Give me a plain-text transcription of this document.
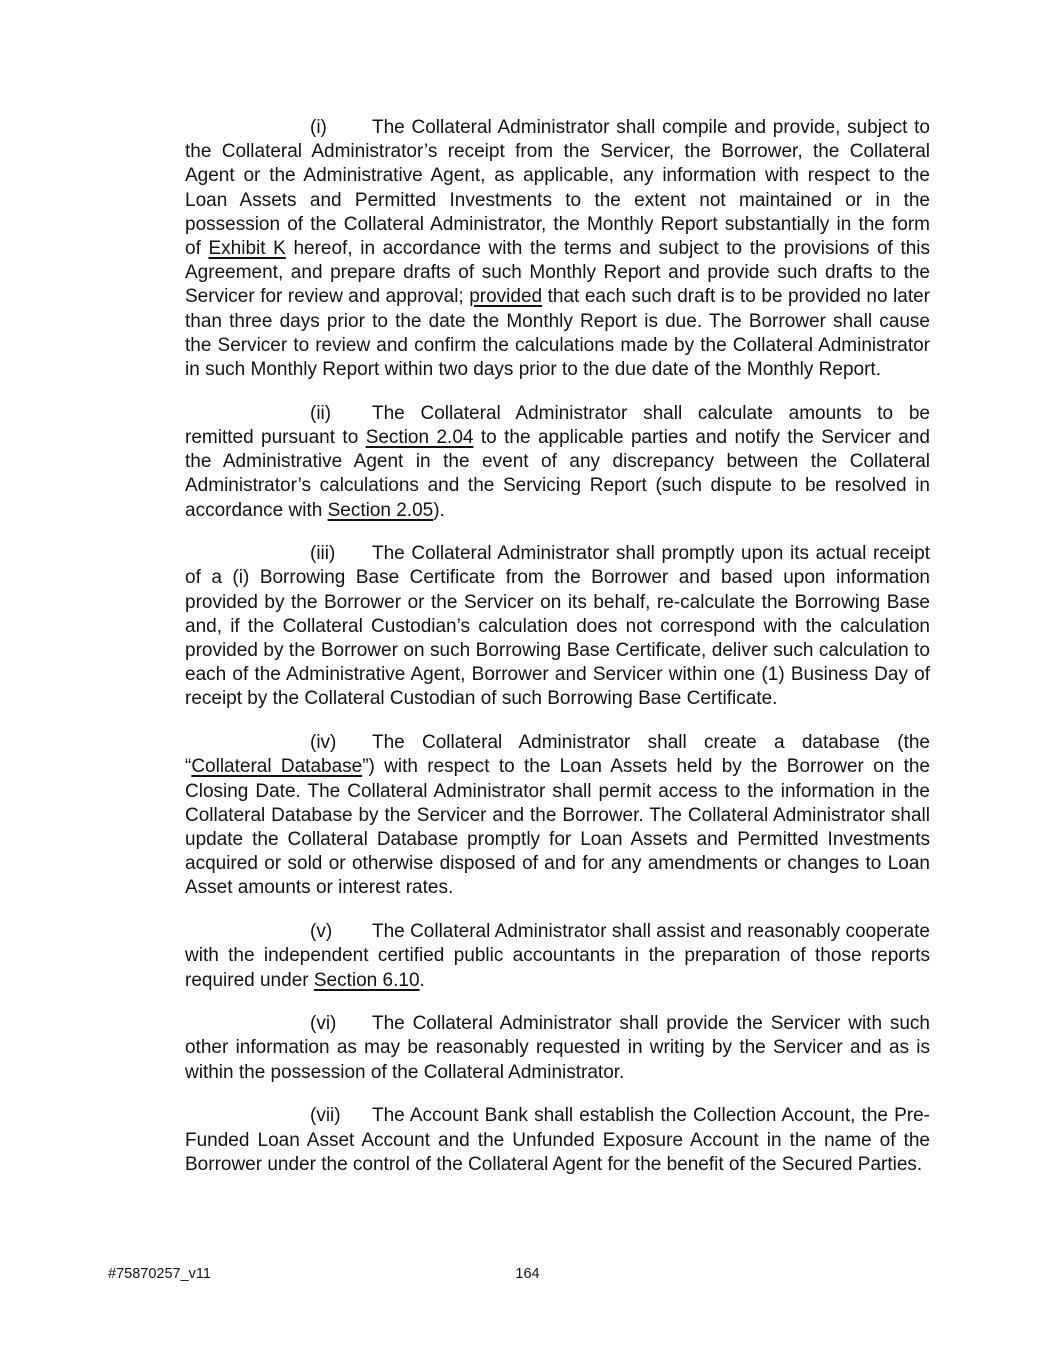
(i) The Collateral Administrator shall compile and provide, subject to the Collateral Administrator’s receipt from the Servicer, the Borrower, the Collateral Agent or the Administrative Agent, as applicable, any information with respect to the Loan Assets and Permitted Investments to the extent not maintained or in the possession of the Collateral Administrator, the Monthly Report substantially in the form of Exhibit K hereof, in accordance with the terms and subject to the provisions of this Agreement, and prepare drafts of such Monthly Report and provide such drafts to the Servicer for review and approval; provided that each such draft is to be provided no later than three days prior to the date the Monthly Report is due. The Borrower shall cause the Servicer to review and confirm the calculations made by the Collateral Administrator in such Monthly Report within two days prior to the due date of the Monthly Report.

(ii) The Collateral Administrator shall calculate amounts to be remitted pursuant to Section 2.04 to the applicable parties and notify the Servicer and the Administrative Agent in the event of any discrepancy between the Collateral Administrator’s calculations and the Servicing Report (such dispute to be resolved in accordance with Section 2.05).

(iii) The Collateral Administrator shall promptly upon its actual receipt of a (i) Borrowing Base Certificate from the Borrower and based upon information provided by the Borrower or the Servicer on its behalf, re-calculate the Borrowing Base and, if the Collateral Custodian’s calculation does not correspond with the calculation provided by the Borrower on such Borrowing Base Certificate, deliver such calculation to each of the Administrative Agent, Borrower and Servicer within one (1) Business Day of receipt by the Collateral Custodian of such Borrowing Base Certificate.

(iv) The Collateral Administrator shall create a database (the “Collateral Database”) with respect to the Loan Assets held by the Borrower on the Closing Date. The Collateral Administrator shall permit access to the information in the Collateral Database by the Servicer and the Borrower. The Collateral Administrator shall update the Collateral Database promptly for Loan Assets and Permitted Investments acquired or sold or otherwise disposed of and for any amendments or changes to Loan Asset amounts or interest rates.

(v) The Collateral Administrator shall assist and reasonably cooperate with the independent certified public accountants in the preparation of those reports required under Section 6.10.

(vi) The Collateral Administrator shall provide the Servicer with such other information as may be reasonably requested in writing by the Servicer and as is within the possession of the Collateral Administrator.

(vii) The Account Bank shall establish the Collection Account, the Pre-Funded Loan Asset Account and the Unfunded Exposure Account in the name of the Borrower under the control of the Collateral Agent for the benefit of the Secured Parties.

#75870257_v11	164
